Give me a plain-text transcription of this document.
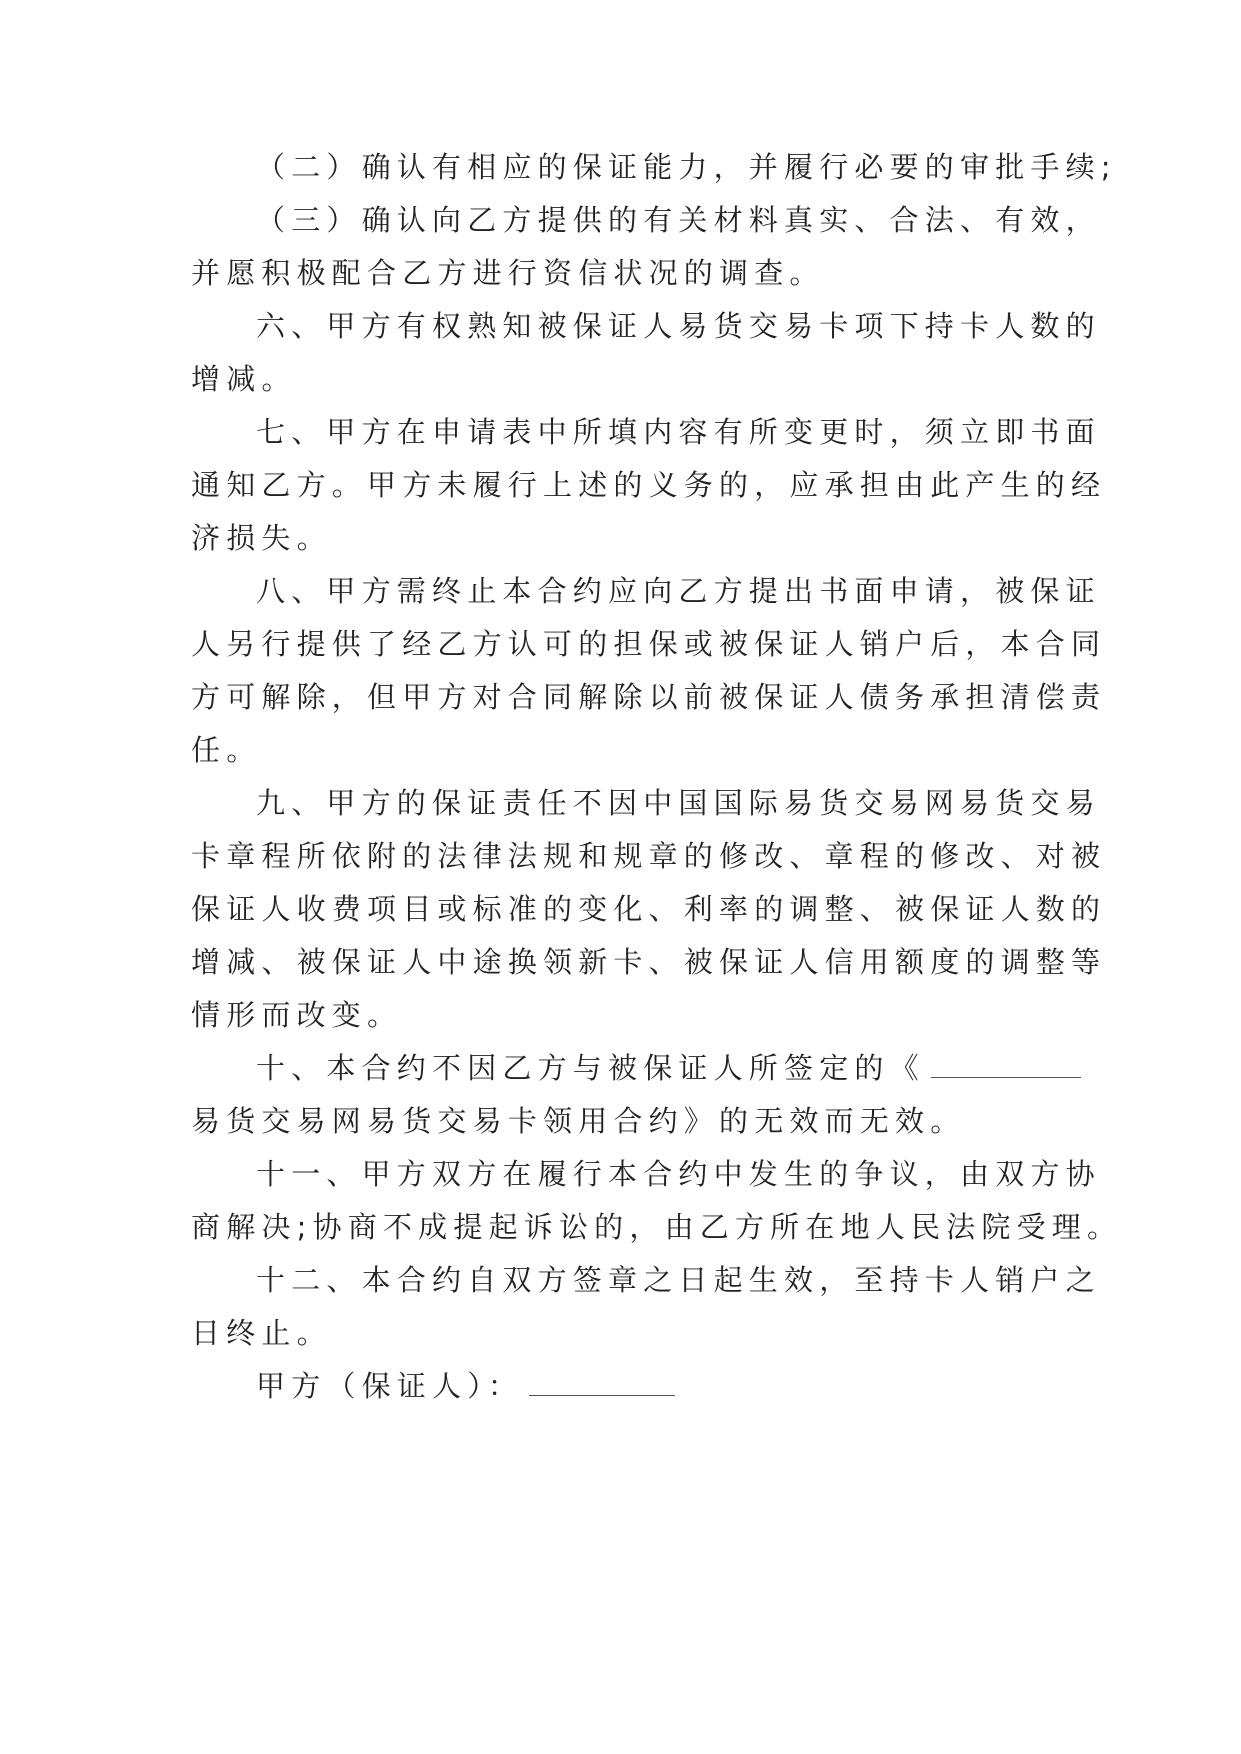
（二）确认有相应的保证能力，并履行必要的审批手续;
（三）确认向乙方提供的有关材料真实、合法、有效，
并愿积极配合乙方进行资信状况的调查。
六、甲方有权熟知被保证人易货交易卡项下持卡人数的
增减。
七、甲方在申请表中所填内容有所变更时，须立即书面
通知乙方。甲方未履行上述的义务的，应承担由此产生的经
济损失。
八、甲方需终止本合约应向乙方提出书面申请，被保证
人另行提供了经乙方认可的担保或被保证人销户后，本合同
方可解除，但甲方对合同解除以前被保证人债务承担清偿责
任。
九、甲方的保证责任不因中国国际易货交易网易货交易
卡章程所依附的法律法规和规章的修改、章程的修改、对被
保证人收费项目或标准的变化、利率的调整、被保证人数的
增减、被保证人中途换领新卡、被保证人信用额度的调整等
情形而改变。
十、本合约不因乙方与被保证人所签定的《
易货交易网易货交易卡领用合约》的无效而无效。
十一、甲方双方在履行本合约中发生的争议，由双方协
商解决;协商不成提起诉讼的，由乙方所在地人民法院受理。
十二、本合约自双方签章之日起生效，至持卡人销户之
日终止。
甲方（保证人）：
